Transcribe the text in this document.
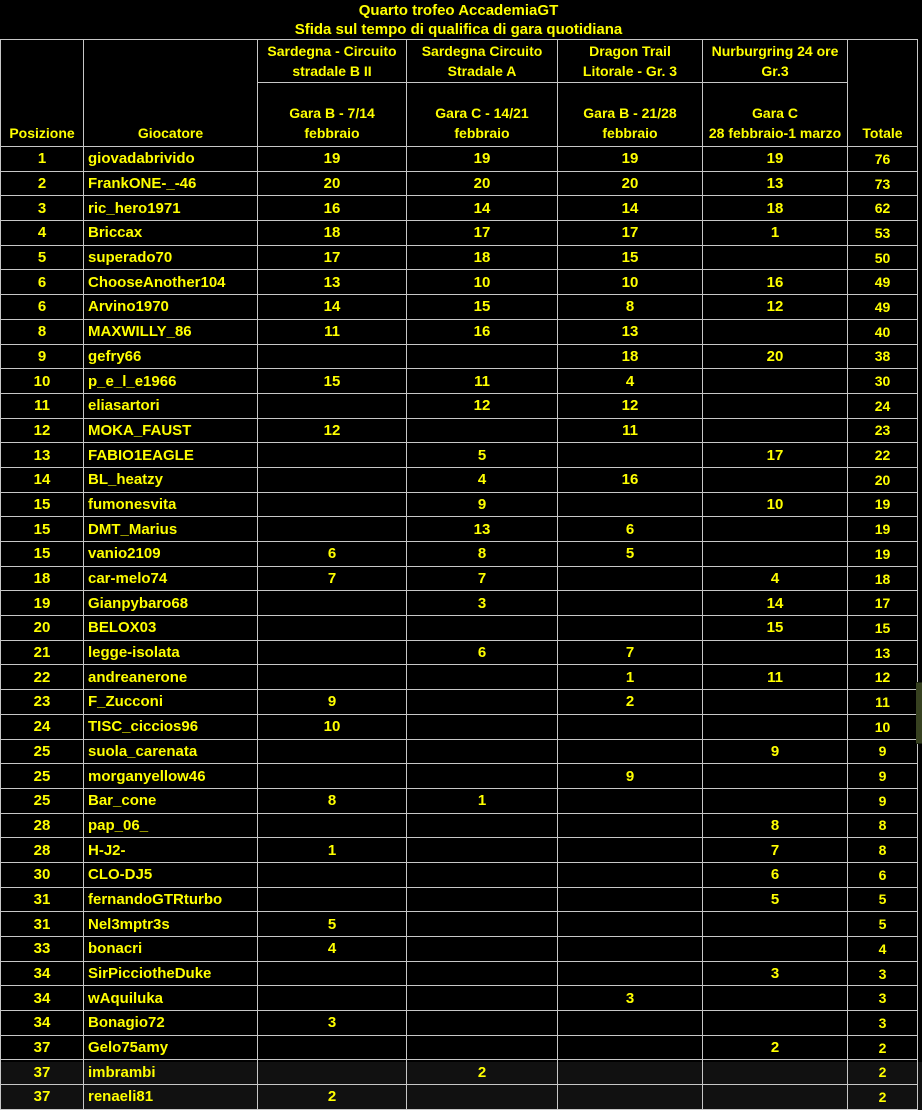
Quarto trofeo AccademiaGT
Sfida sul tempo di qualifica di gara quotidiana
Posizione	Giocatore	
Sardegna - Circuito
stradale B II

Sardegna Circuito
Stradale A

Dragon Trail
Litorale - Gr. 3

Nurburgring 24 ore
Gr.3
	Totale

Gara B - 7/14
febbraio

Gara C - 14/21
febbraio

Gara B - 21/28
febbraio

Gara C
28 febbraio-1 marzo

1	giovadabrivido	19	19	19	19	76
2	FrankONE-_-46	20	20	20	13	73
3	ric_hero1971	16	14	14	18	62
4	Briccax	18	17	17	1	53
5	superado70	17	18	15		50
6	ChooseAnother104	13	10	10	16	49
6	Arvino1970	14	15	8	12	49
8	MAXWILLY_86	11	16	13		40
9	gefry66			18	20	38
10	p_e_l_e1966	15	11	4		30
11	eliasartori		12	12		24
12	MOKA_FAUST	12		11		23
13	FABIO1EAGLE		5		17	22
14	BL_heatzy		4	16		20
15	fumonesvita		9		10	19
15	DMT_Marius		13	6		19
15	vanio2109	6	8	5		19
18	car-melo74	7	7		4	18
19	Gianpybaro68		3		14	17
20	BELOX03				15	15
21	legge-isolata		6	7		13
22	andreanerone			1	11	12
23	F_Zucconi	9		2		11
24	TISC_ciccios96	10				10
25	suola_carenata				9	9
25	morganyellow46			9		9
25	Bar_cone	8	1			9
28	pap_06_				8	8
28	H-J2-	1			7	8
30	CLO-DJ5				6	6
31	fernandoGTRturbo				5	5
31	Nel3mptr3s	5				5
33	bonacri	4				4
34	SirPicciotheDuke				3	3
34	wAquiluka			3		3
34	Bonagio72	3				3
37	Gelo75amy				2	2
37	imbrambi		2			2
37	renaeli81	2				2
